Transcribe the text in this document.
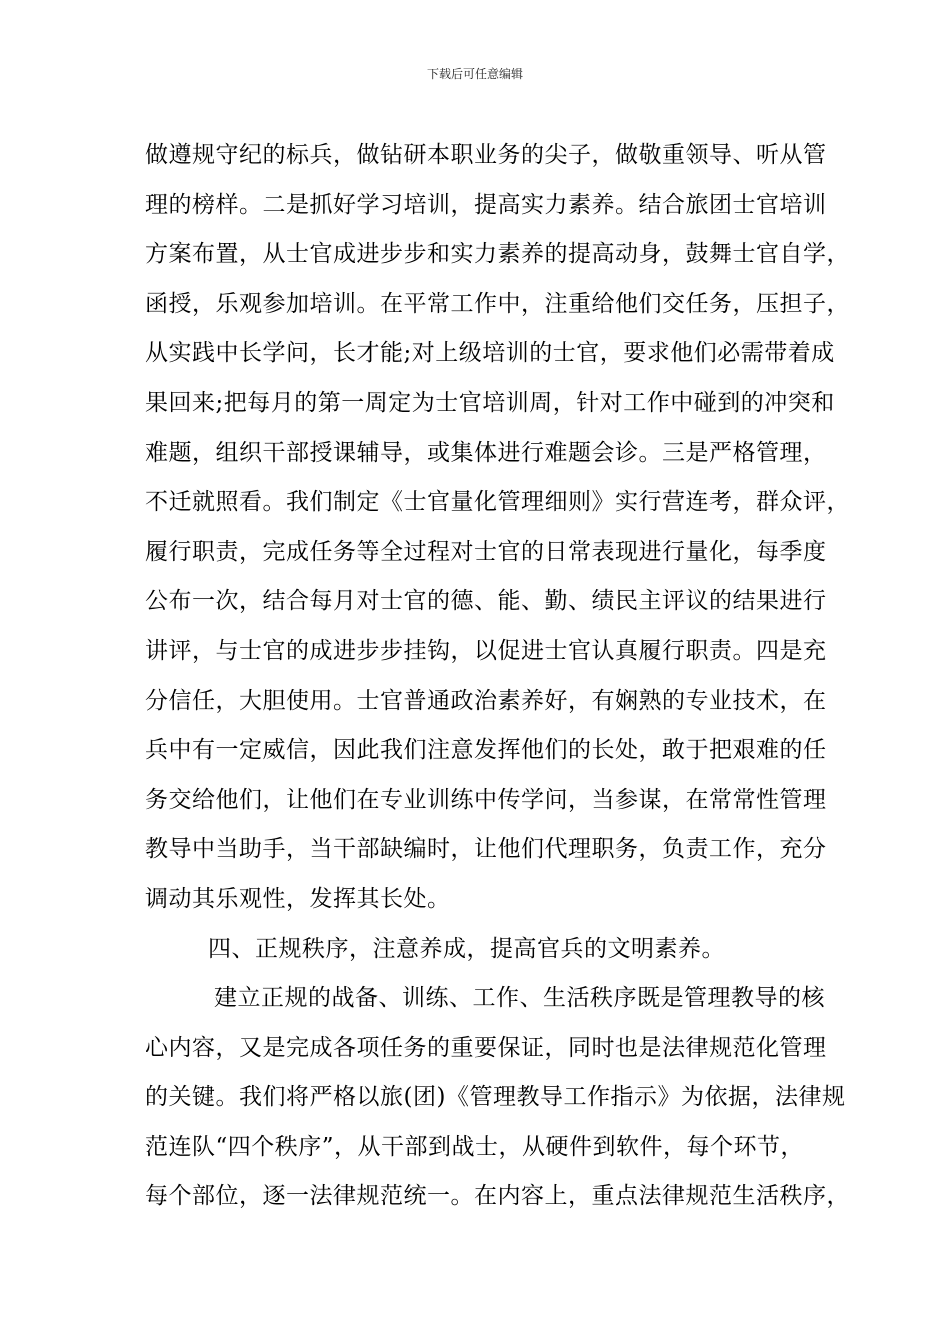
下载后可任意编辑
做遵规守纪的标兵，做钻研本职业务的尖子，做敬重领导、听从管
理的榜样。二是抓好学习培训，提高实力素养。结合旅团士官培训
方案布置，从士官成进步步和实力素养的提高动身，鼓舞士官自学，
函授，乐观参加培训。在平常工作中，注重给他们交任务，压担子，
从实践中长学问，长才能;对上级培训的士官，要求他们必需带着成
果回来;把每月的第一周定为士官培训周，针对工作中碰到的冲突和
难题，组织干部授课辅导，或集体进行难题会诊。三是严格管理，
不迁就照看。我们制定《士官量化管理细则》实行营连考，群众评，
履行职责，完成任务等全过程对士官的日常表现进行量化，每季度
公布一次，结合每月对士官的德、能、勤、绩民主评议的结果进行
讲评，与士官的成进步步挂钩，以促进士官认真履行职责。四是充
分信任，大胆使用。士官普通政治素养好，有娴熟的专业技术，在
兵中有一定威信，因此我们注意发挥他们的长处，敢于把艰难的任
务交给他们，让他们在专业训练中传学问，当参谋，在常常性管理
教导中当助手，当干部缺编时，让他们代理职务，负责工作，充分
调动其乐观性，发挥其长处。
四、正规秩序，注意养成，提高官兵的文明素养。
建立正规的战备、训练、工作、生活秩序既是管理教导的核
心内容，又是完成各项任务的重要保证，同时也是法律规范化管理
的关键。我们将严格以旅(团)《管理教导工作指示》为依据，法律规
范连队“四个秩序”，从干部到战士，从硬件到软件，每个环节，
每个部位，逐一法律规范统一。在内容上，重点法律规范生活秩序，
